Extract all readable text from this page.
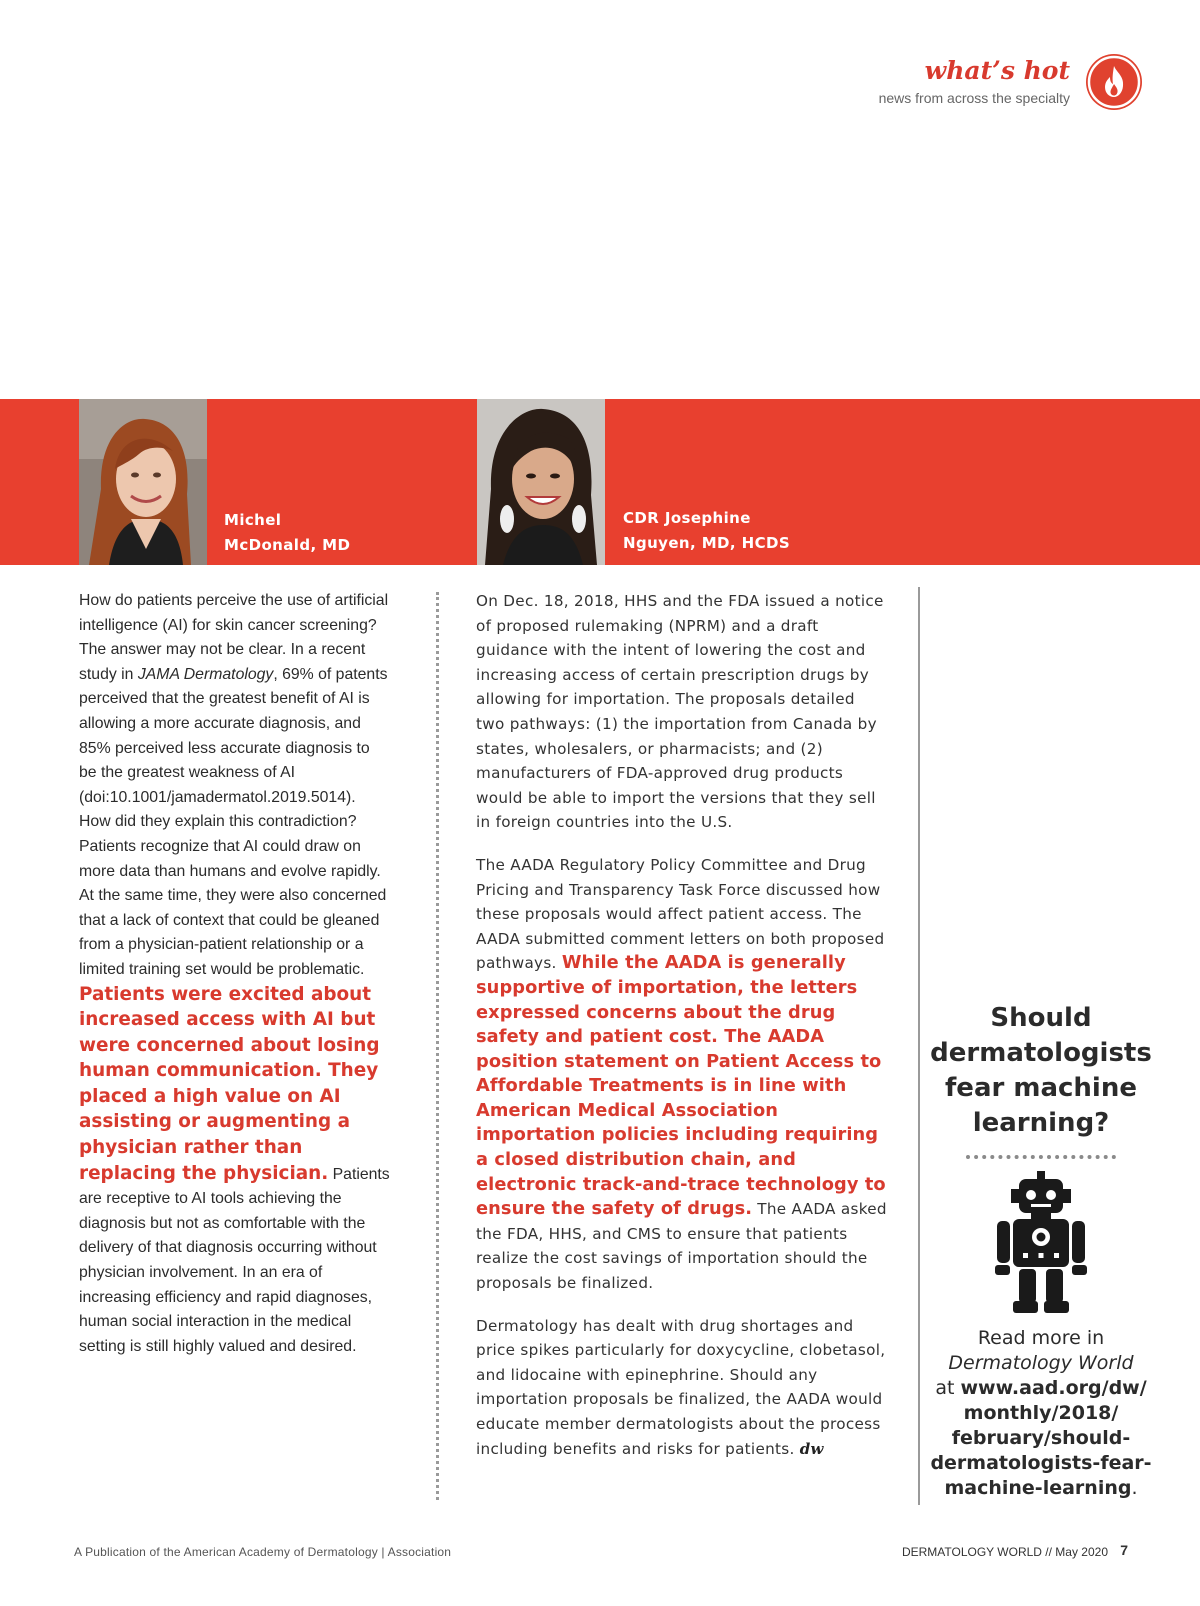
what’s hot
news from across the specialty
Michel
McDonald, MD
CDR Josephine
Nguyen, MD, HCDS
How do patients perceive the use of artificial intelligence (AI) for skin cancer screening? The answer may not be clear. In a recent study in JAMA Dermatology, 69% of patents perceived that the greatest benefit of AI is allowing a more accurate diagnosis, and 85% perceived less accurate diagnosis to be the greatest weakness of AI (doi:10.1001/jamadermatol.2019.5014). How did they explain this contradiction? Patients recognize that AI could draw on more data than humans and evolve rapidly. At the same time, they were also concerned that a lack of context that could be gleaned from a physician-patient relationship or a limited training set would be problematic. Patients were excited about increased access with AI but were concerned about losing human communication. They placed a high value on AI assisting or augmenting a physician rather than replacing the physician. Patients are receptive to AI tools achieving the diagnosis but not as comfortable with the delivery of that diagnosis occurring without physician involvement. In an era of increasing efficiency and rapid diagnoses, human social interaction in the medical setting is still highly valued and desired.

On Dec. 18, 2018, HHS and the FDA issued a notice of proposed rulemaking (NPRM) and a draft guidance with the intent of lowering the cost and increasing access of certain prescription drugs by allowing for importation. The proposals detailed two pathways: (1) the importation from Canada by states, wholesalers, or pharmacists; and (2) manufacturers of FDA-approved drug products would be able to import the versions that they sell in foreign countries into the U.S.

The AADA Regulatory Policy Committee and Drug Pricing and Transparency Task Force discussed how these proposals would affect patient access. The AADA submitted comment letters on both proposed pathways. While the AADA is generally supportive of importation, the letters expressed concerns about the drug safety and patient cost. The AADA position statement on Patient Access to Affordable Treatments is in line with American Medical Association importation policies including requiring a closed distribution chain, and electronic track-and-trace technology to ensure the safety of drugs. The AADA asked the FDA, HHS, and CMS to ensure that patients realize the cost savings of importation should the proposals be finalized.

Dermatology has dealt with drug shortages and price spikes particularly for doxycycline, clobetasol, and lidocaine with epinephrine. Should any importation proposals be finalized, the AADA would educate member dermatologists about the process including benefits and risks for patients. dw

Should dermatologists fear machine learning?
Read more in
Dermatology World
at www.aad.org/dw/monthly/2018/february/should-dermatologists-fear-machine-learning.
A Publication of the American Academy of Dermatology | Association	DERMATOLOGY WORLD // May 2020 7
